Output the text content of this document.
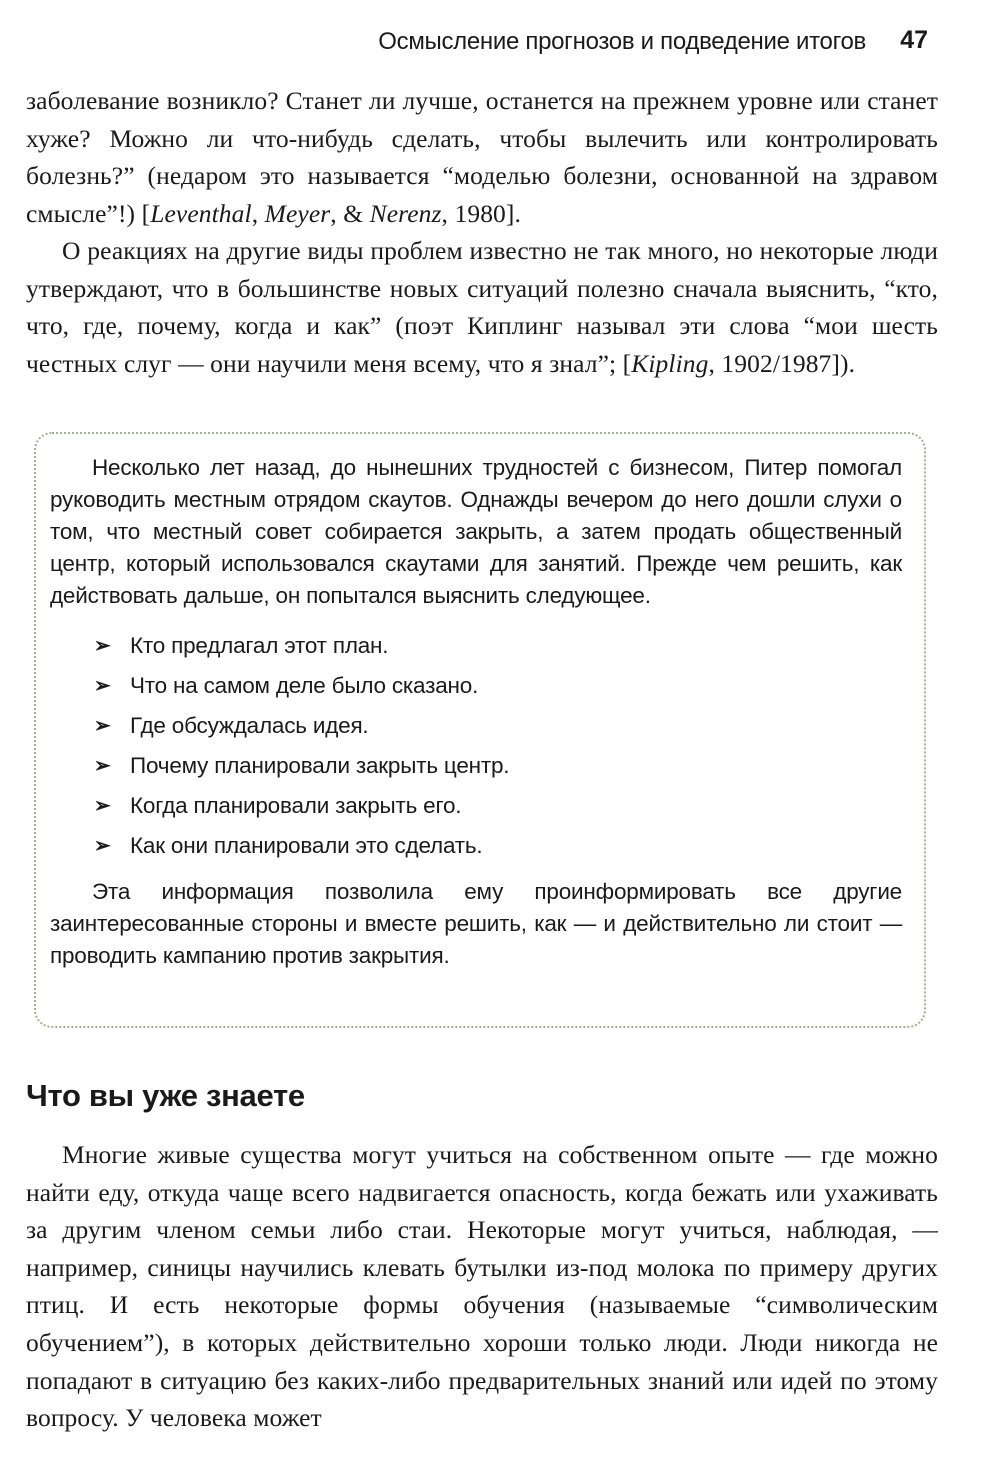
Осмысление прогнозов и подведение итогов 47

заболевание возникло? Станет ли лучше, останется на прежнем уровне или станет хуже? Можно ли что-нибудь сделать, чтобы вылечить или контролировать болезнь?” (недаром это называется “моделью болезни, основанной на здравом смысле”!) [Leventhal, Meyer, & Nerenz, 1980].

О реакциях на другие виды проблем известно не так много, но некоторые люди утверждают, что в большинстве новых ситуаций полезно сначала выяснить, “кто, что, где, почему, когда и как” (поэт Киплинг называл эти слова “мои шесть честных слуг — они научили меня всему, что я знал”; [Kipling, 1902/1987]).

Несколько лет назад, до нынешних трудностей с бизнесом, Питер помогал руководить местным отрядом скаутов. Однажды вечером до него дошли слухи о том, что местный совет собирается закрыть, а затем продать общественный центр, который использовался скаутами для занятий. Прежде чем решить, как действовать дальше, он попытался выяснить следующее.

➢ Кто предлагал этот план.
➢ Что на самом деле было сказано.
➢ Где обсуждалась идея.
➢ Почему планировали закрыть центр.
➢ Когда планировали закрыть его.
➢ Как они планировали это сделать.

Эта информация позволила ему проинформировать все другие заинтересованные стороны и вместе решить, как — и действительно ли стоит — проводить кампанию против закрытия.

Что вы уже знаете

Многие живые существа могут учиться на собственном опыте — где можно найти еду, откуда чаще всего надвигается опасность, когда бежать или ухаживать за другим членом семьи либо стаи. Некоторые могут учиться, наблюдая, — например, синицы научились клевать бутылки из-под молока по примеру других птиц. И есть некоторые формы обучения (называемые “символическим обучением”), в которых действительно хороши только люди. Люди никогда не попадают в ситуацию без каких-либо предварительных знаний или идей по этому вопросу. У человека может
